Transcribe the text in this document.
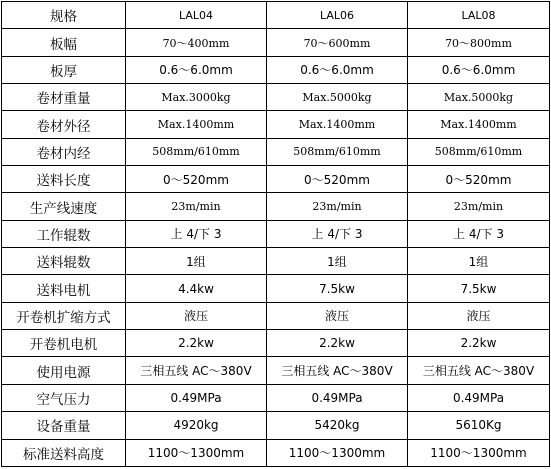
规格	LAL04	LAL06	LAL08
板幅	70～400mm	70～600mm	70～800mm
板厚	0.6～6.0mm	0.6～6.0mm	0.6～6.0mm
卷材重量	Max.3000kg	Max.5000kg	Max.5000kg
卷材外径	Max.1400mm	Max.1400mm	Max.1400mm
卷材内经	508mm/610mm	508mm/610mm	508mm/610mm
送料长度	0～520mm	0～520mm	0～520mm
生产线速度	23m/min	23m/min	23m/min
工作辊数	上 4/下 3	上 4/下 3	上 4/下 3
送料辊数	1组	1组	1组
送料电机	4.4kw	7.5kw	7.5kw
开卷机扩缩方式	液压	液压	液压
开卷机电机	2.2kw	2.2kw	2.2kw
使用电源	三相五线 AC～380V	三相五线 AC～380V	三相五线 AC～380V
空气压力	0.49MPa	0.49MPa	0.49MPa
设备重量	4920kg	5420kg	5610Kg
标准送料高度	1100～1300mm	1100～1300mm	1100～1300mm
